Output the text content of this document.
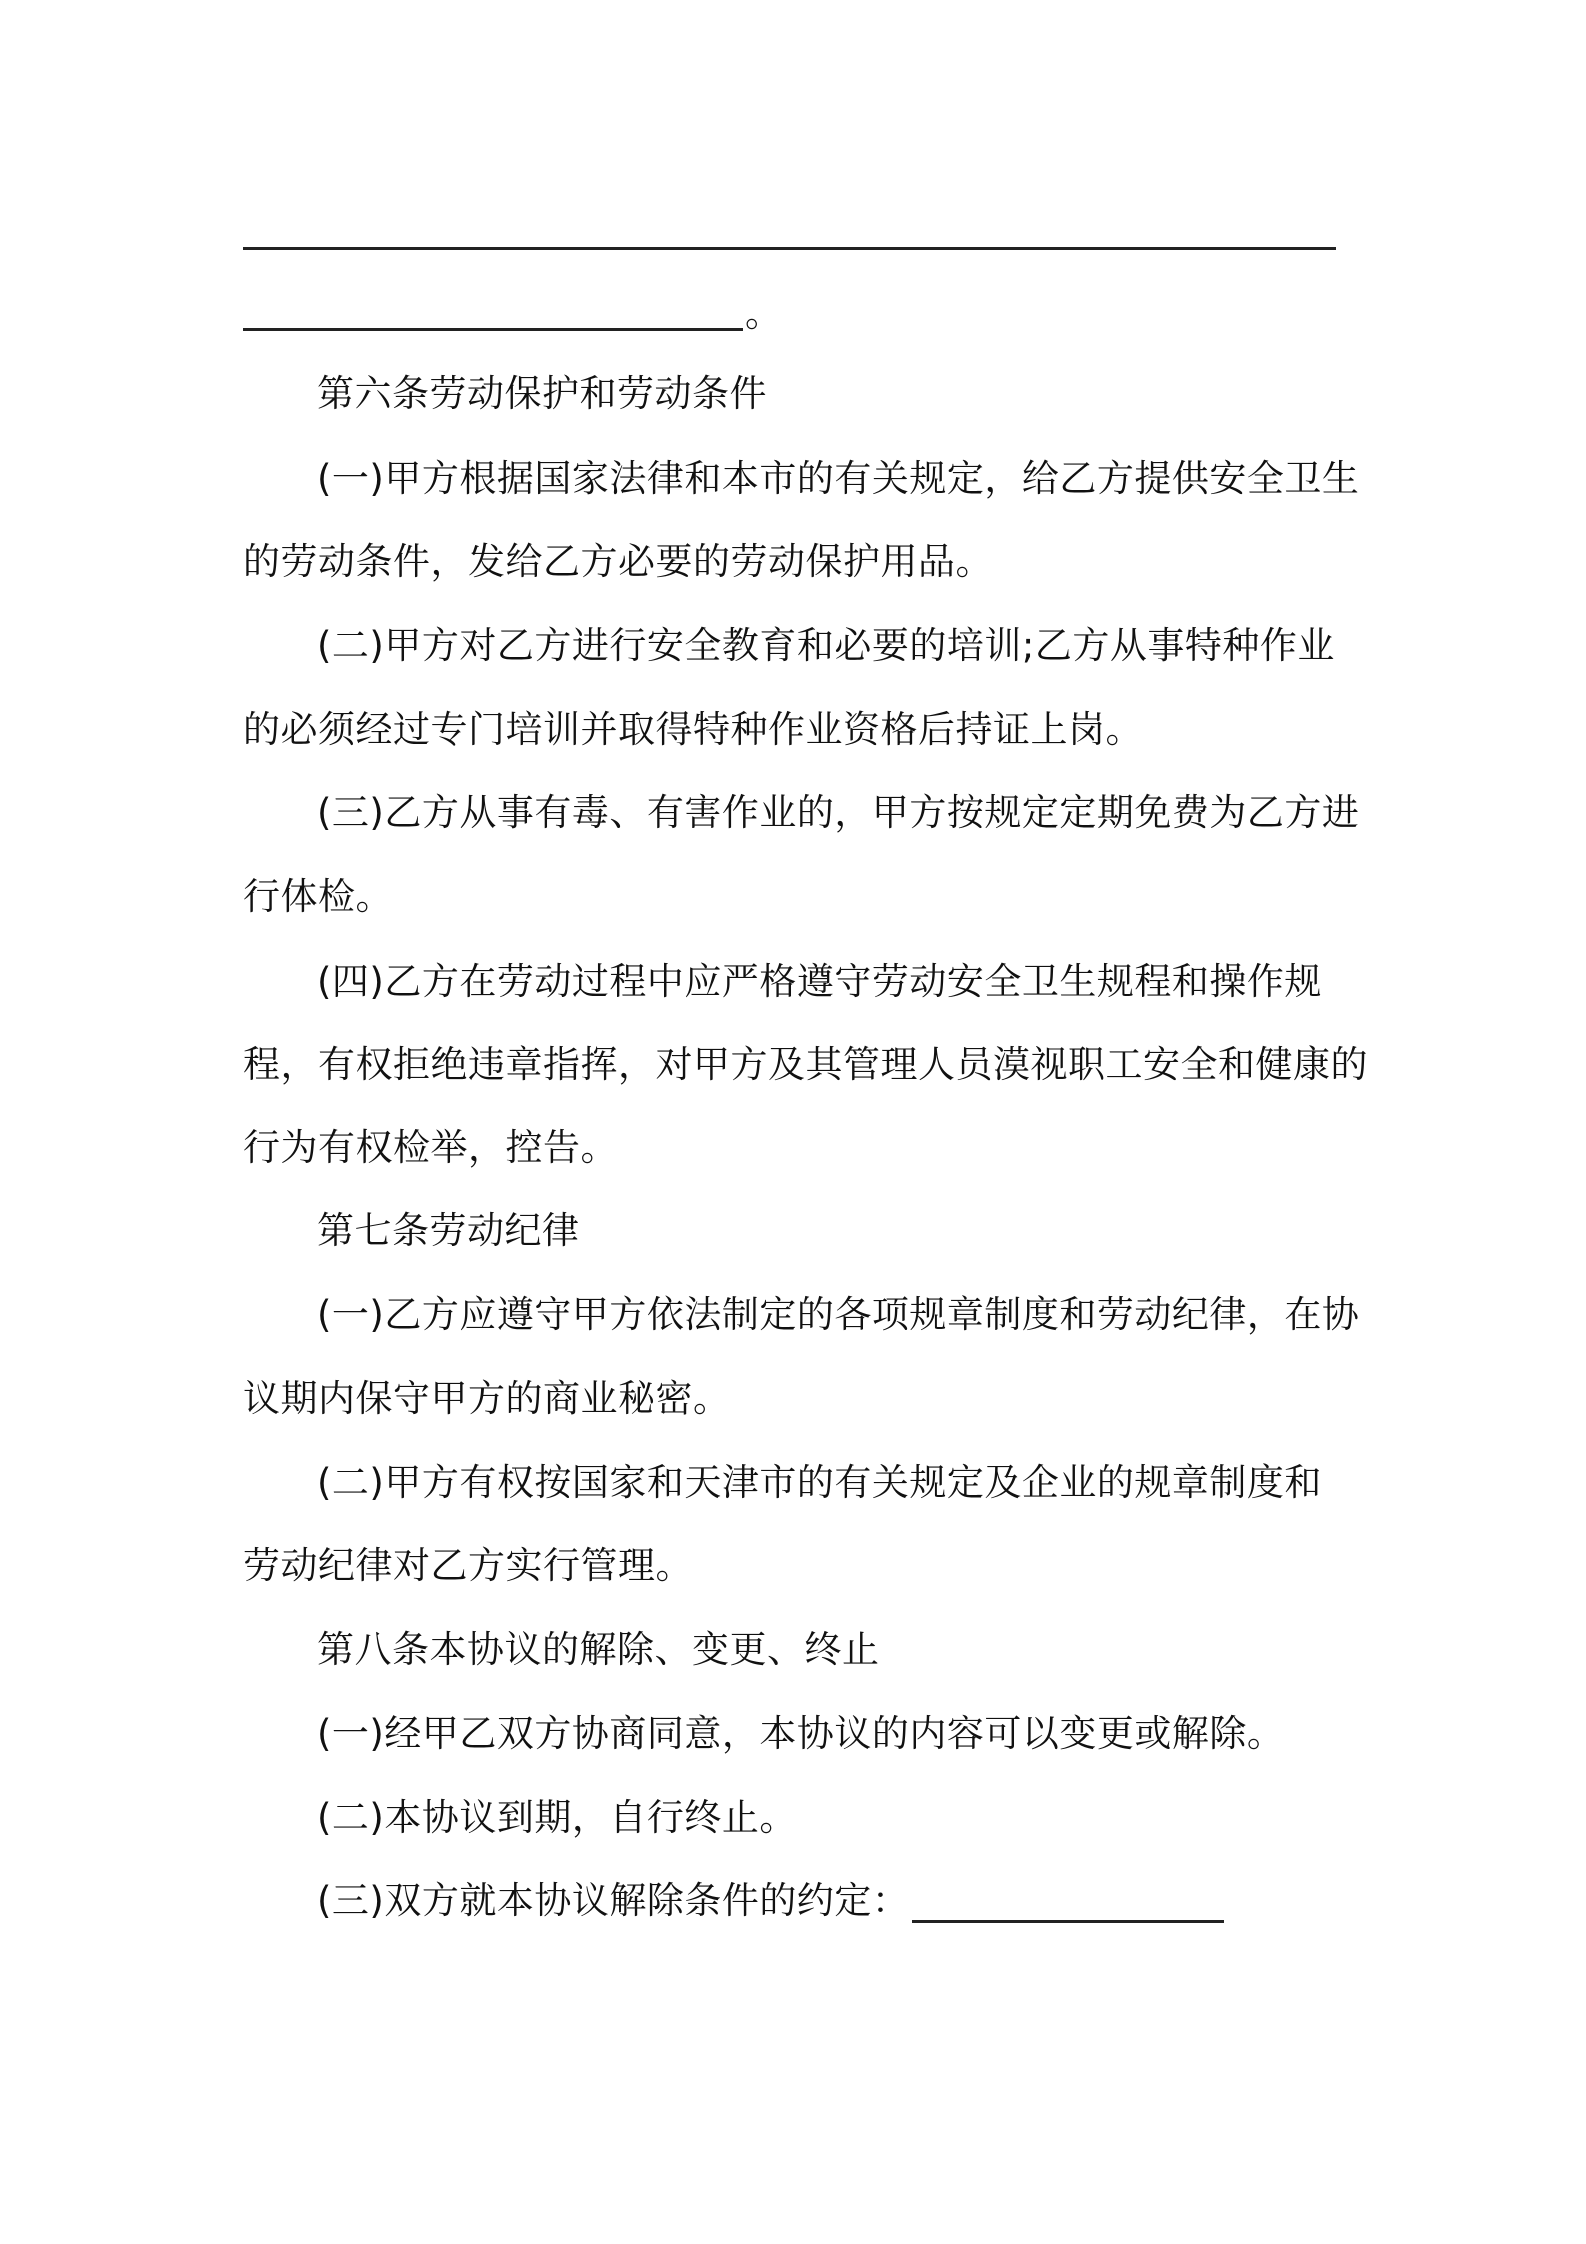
。
第六条劳动保护和劳动条件
(一)甲方根据国家法律和本市的有关规定，给乙方提供安全卫生
的劳动条件，发给乙方必要的劳动保护用品。
(二)甲方对乙方进行安全教育和必要的培训;乙方从事特种作业
的必须经过专门培训并取得特种作业资格后持证上岗。
(三)乙方从事有毒、有害作业的，甲方按规定定期免费为乙方进
行体检。
(四)乙方在劳动过程中应严格遵守劳动安全卫生规程和操作规
程，有权拒绝违章指挥，对甲方及其管理人员漠视职工安全和健康的
行为有权检举，控告。
第七条劳动纪律
(一)乙方应遵守甲方依法制定的各项规章制度和劳动纪律，在协
议期内保守甲方的商业秘密。
(二)甲方有权按国家和天津市的有关规定及企业的规章制度和
劳动纪律对乙方实行管理。
第八条本协议的解除、变更、终止
(一)经甲乙双方协商同意，本协议的内容可以变更或解除。
(二)本协议到期，自行终止。
(三)双方就本协议解除条件的约定：
